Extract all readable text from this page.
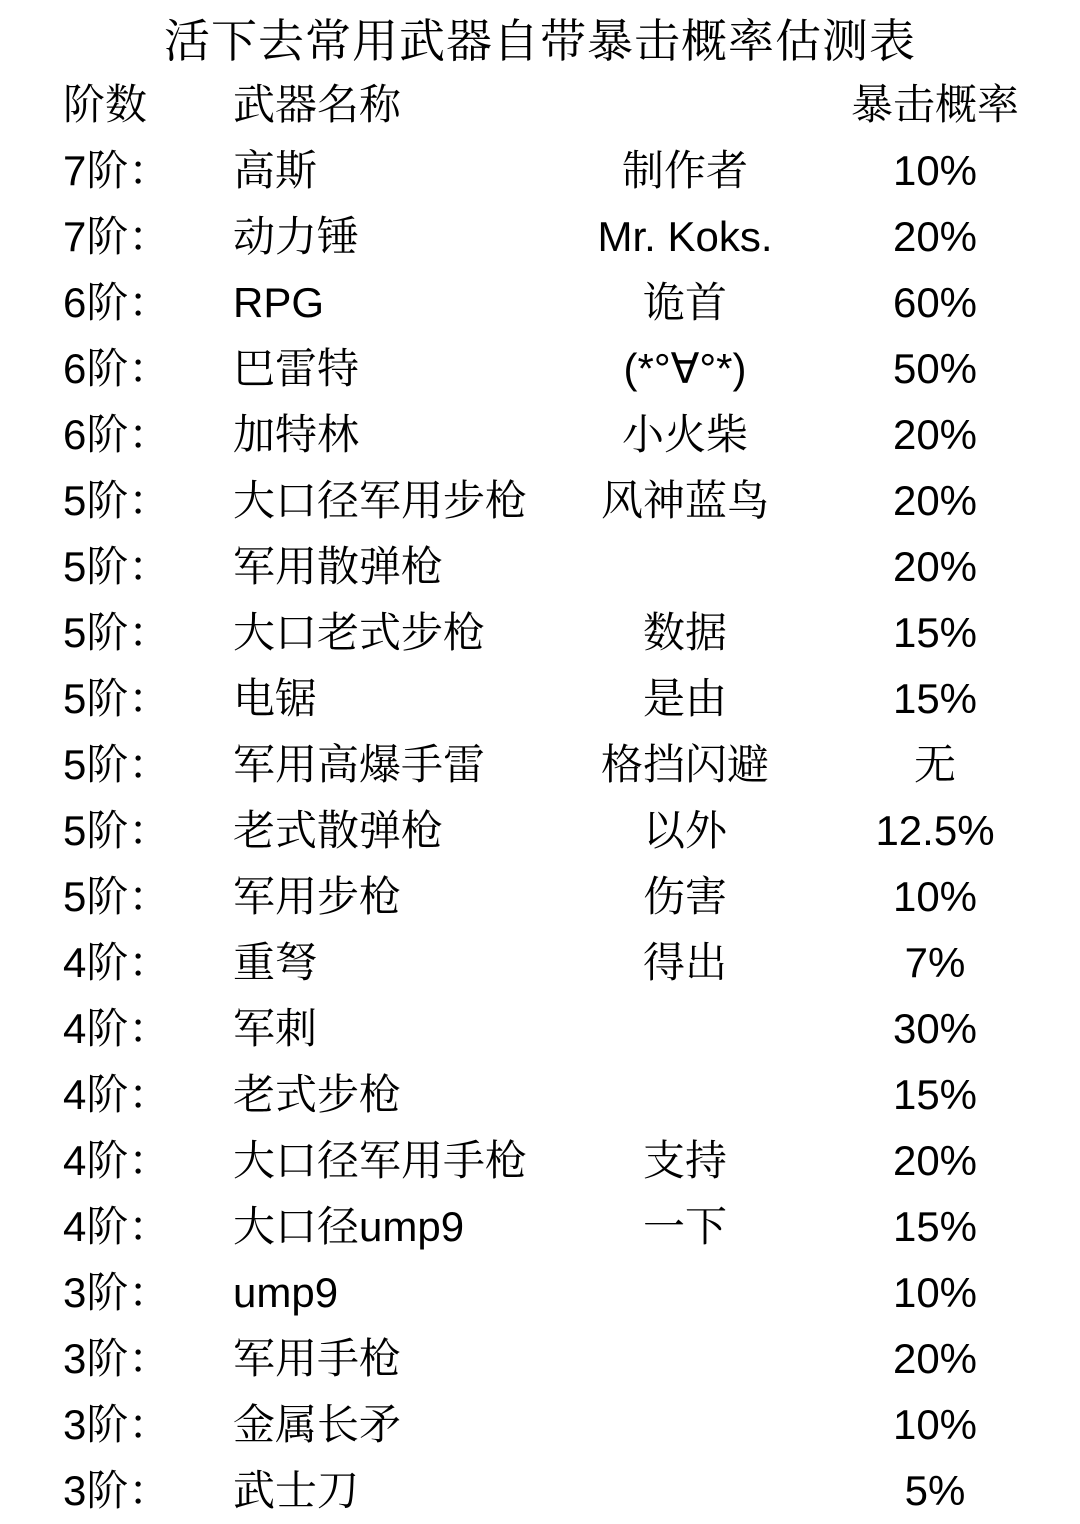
活下去常用武器自带暴击概率估测表
阶数	武器名称		暴击概率
7阶：	高斯	制作者	10%
7阶：	动力锤	Mr. Koks.	20%
6阶：	RPG	诡首	60%
6阶：	巴雷特	(*°∀°*)	50%
6阶：	加特林	小火柴	20%
5阶：	大口径军用步枪	风神蓝鸟	20%
5阶：	军用散弹枪		20%
5阶：	大口老式步枪	数据	15%
5阶：	电锯	是由	15%
5阶：	军用高爆手雷	格挡闪避	无
5阶：	老式散弹枪	以外	12.5%
5阶：	军用步枪	伤害	10%
4阶：	重弩	得出	7%
4阶：	军刺		30%
4阶：	老式步枪		15%
4阶：	大口径军用手枪	支持	20%
4阶：	大口径ump9	一下	15%
3阶：	ump9		10%
3阶：	军用手枪		20%
3阶：	金属长矛		10%
3阶：	武士刀		5%
